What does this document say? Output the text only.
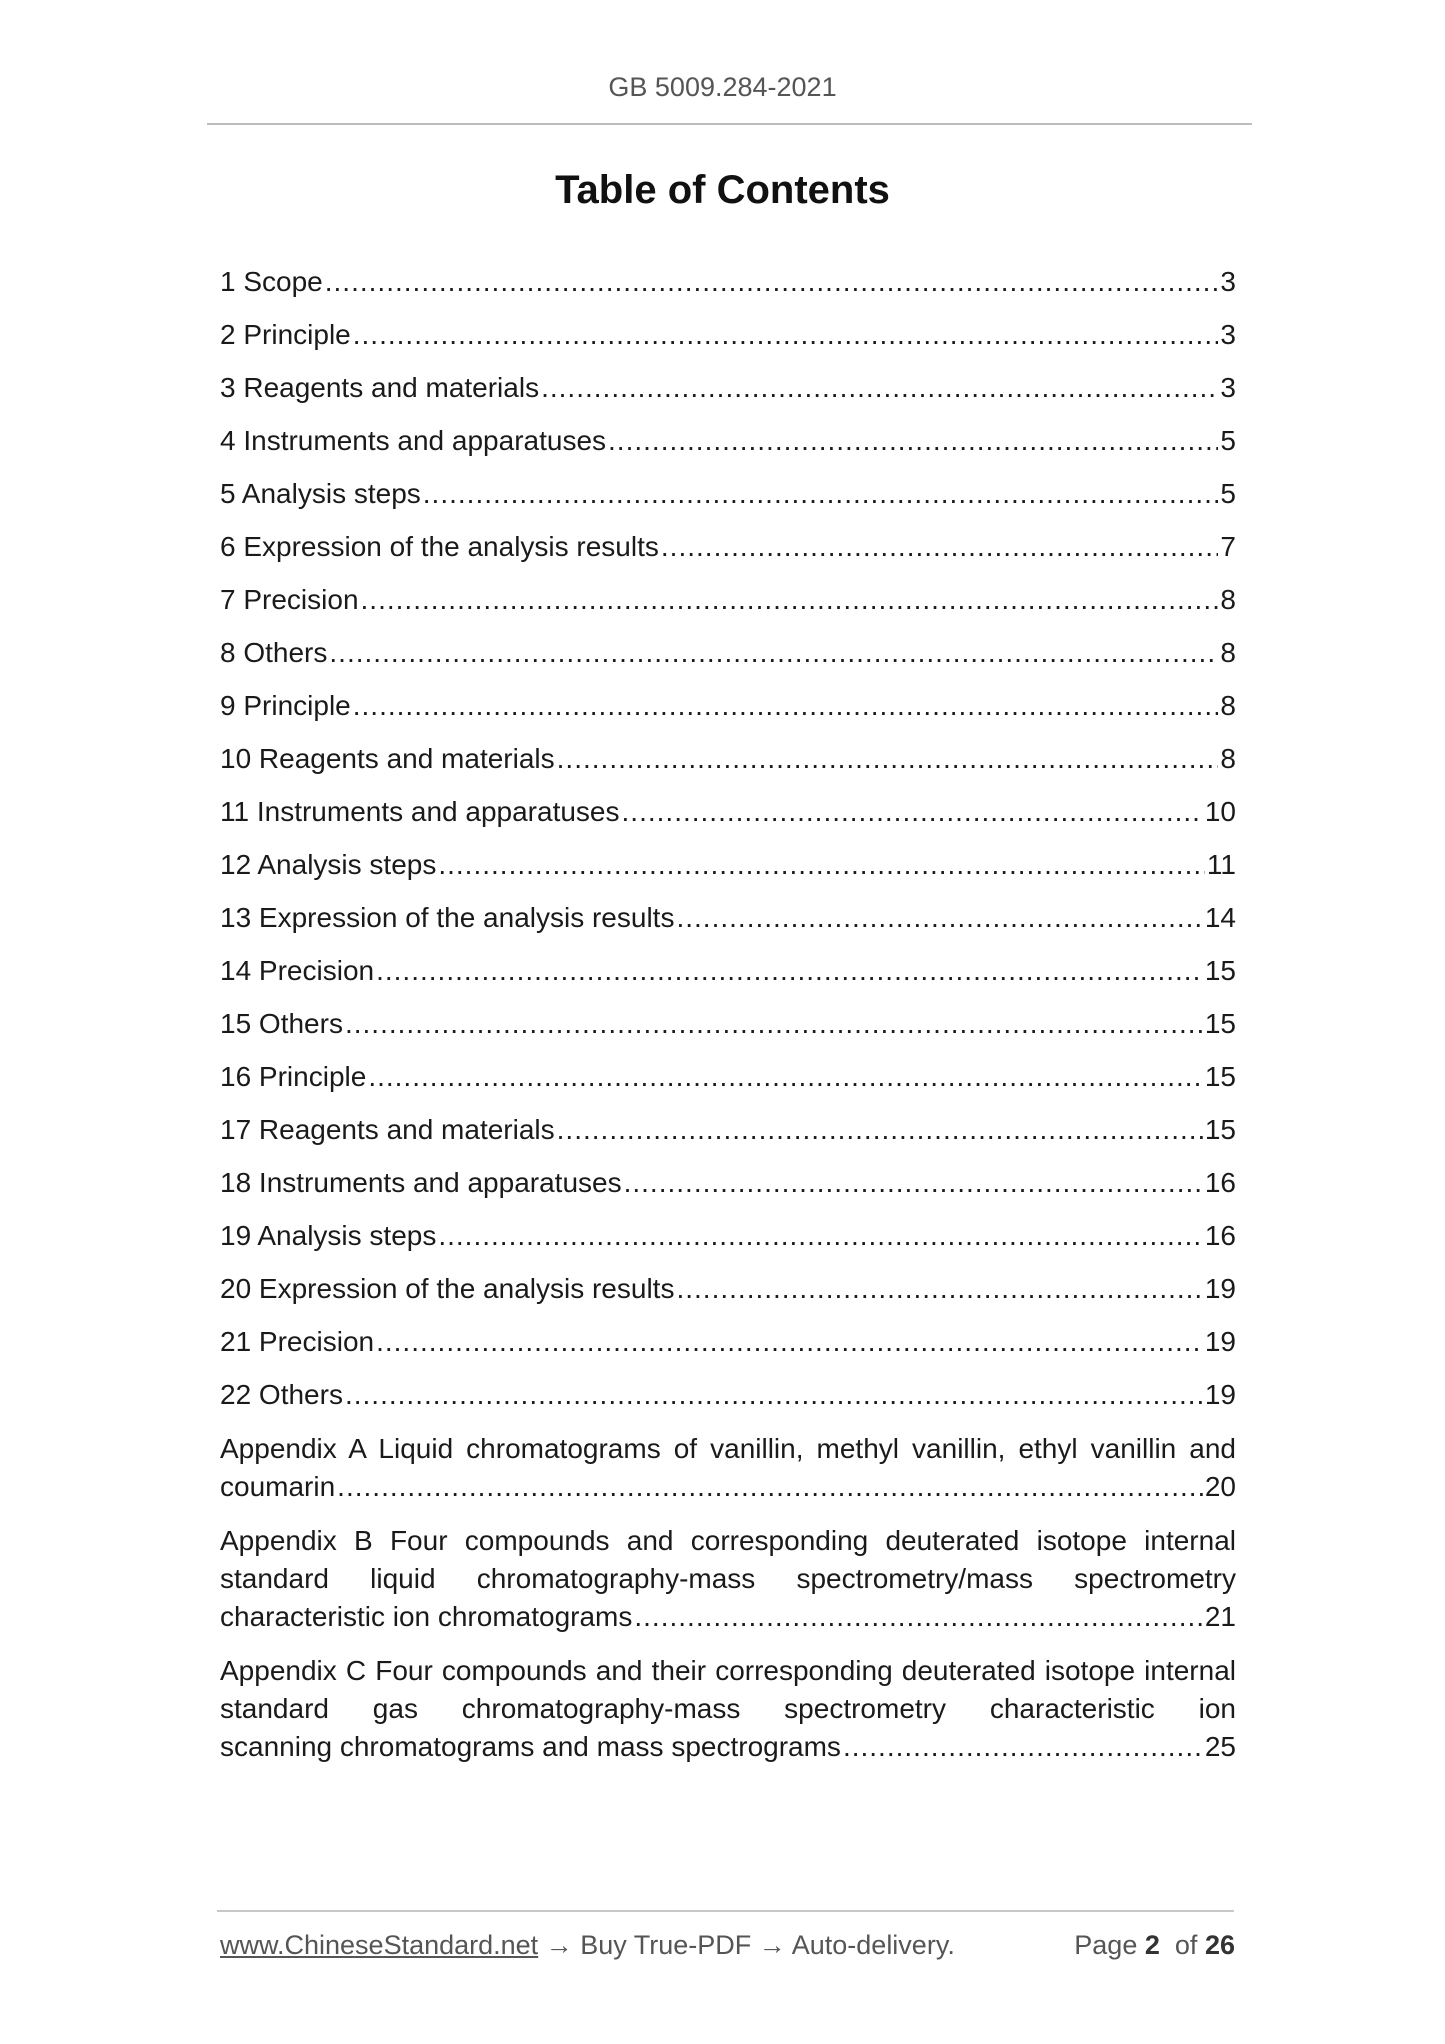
GB 5009.284-2021
Table of Contents
1 Scope .....	3
2 Principle .....	3
3 Reagents and materials .....	3
4 Instruments and apparatuses .....	5
5 Analysis steps .....	5
6 Expression of the analysis results .....	7
7 Precision .....	8
8 Others .....	8
9 Principle .....	8
10 Reagents and materials .....	8
11 Instruments and apparatuses .....	10
12 Analysis steps .....	11
13 Expression of the analysis results .....	14
14 Precision .....	15
15 Others .....	15
16 Principle .....	15
17 Reagents and materials .....	15
18 Instruments and apparatuses .....	16
19 Analysis steps .....	16
20 Expression of the analysis results .....	19
21 Precision .....	19
22 Others .....	19
Appendix A Liquid chromatograms of vanillin, methyl vanillin, ethyl vanillin and
coumarin .....	20
Appendix B Four compounds and corresponding deuterated isotope internal standard liquid chromatography-mass spectrometry/mass spectrometry
characteristic ion chromatograms .....	21
Appendix C Four compounds and their corresponding deuterated isotope internal standard gas chromatography-mass spectrometry characteristic ion
scanning chromatograms and mass spectrograms .....	25
www.ChineseStandard.net → Buy True-PDF → Auto-delivery.	Page 2 of 26
